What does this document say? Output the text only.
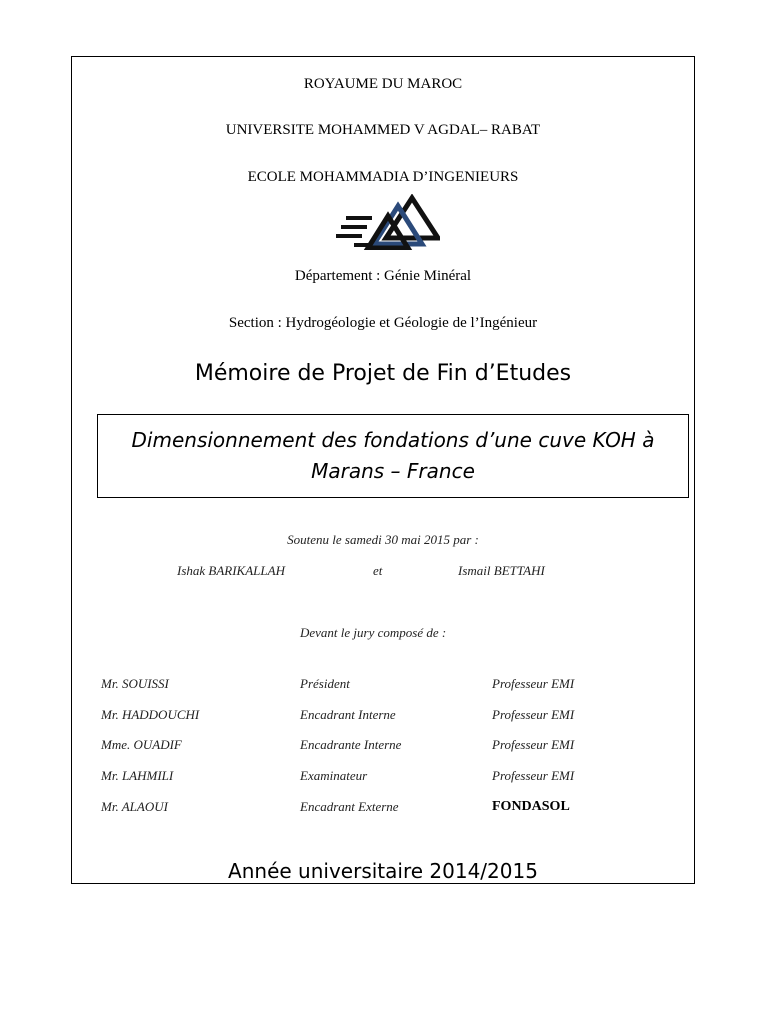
ROYAUME DU MAROC
UNIVERSITE MOHAMMED V AGDAL– RABAT
ECOLE MOHAMMADIA D’INGENIEURS
Département : Génie Minéral
Section : Hydrogéologie et Géologie de l’Ingénieur
Mémoire de Projet de Fin d’Etudes
Dimensionnement des fondations d’une cuve KOH à Marans – France
Soutenu le samedi 30 mai 2015 par :
Ishak BARIKALLAH	et	Ismail BETTAHI
Devant le jury composé de :
Mr. SOUISSI	Président	Professeur EMI
Mr. HADDOUCHI	Encadrant Interne	Professeur EMI
Mme. OUADIF	Encadrante Interne	Professeur EMI
Mr. LAHMILI	Examinateur	Professeur EMI
Mr. ALAOUI	Encadrant Externe	FONDASOL
Année universitaire 2014/2015
